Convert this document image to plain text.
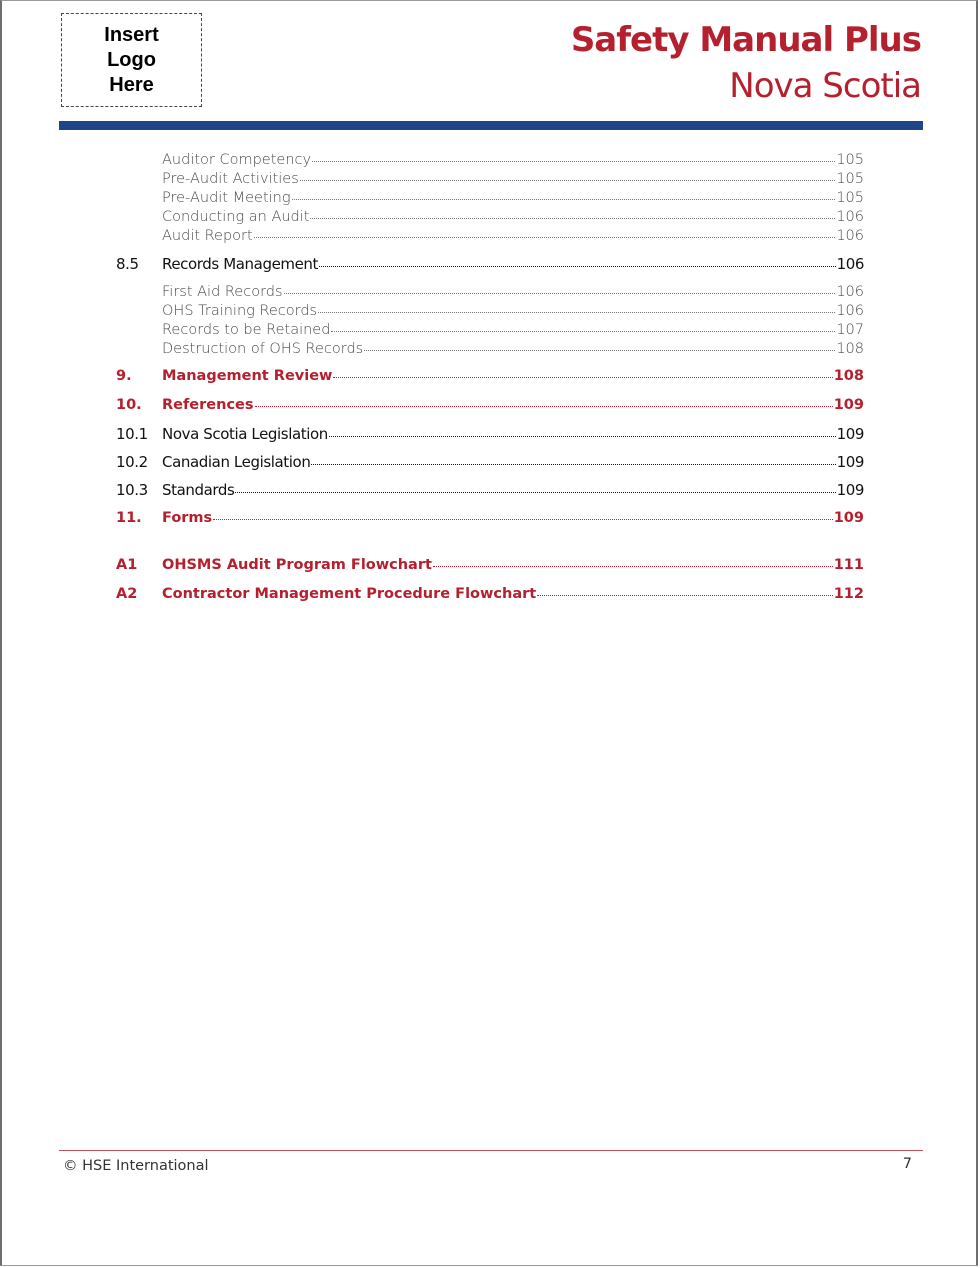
Insert
Logo
Here
Safety Manual Plus
Nova Scotia
Auditor Competency	105
Pre-Audit Activities	105
Pre-Audit Meeting	105
Conducting an Audit	106
Audit Report	106
8.5	Records Management	106
First Aid Records	106
OHS Training Records	106
Records to be Retained	107
Destruction of OHS Records	108
9.	Management Review	108
10.	References	109
10.1 Nova Scotia Legislation	109
10.2 Canadian Legislation	109
10.3 Standards	109
11.	Forms	109
A1	OHSMS Audit Program Flowchart	111
A2	Contractor Management Procedure Flowchart	112
© HSE International	7
